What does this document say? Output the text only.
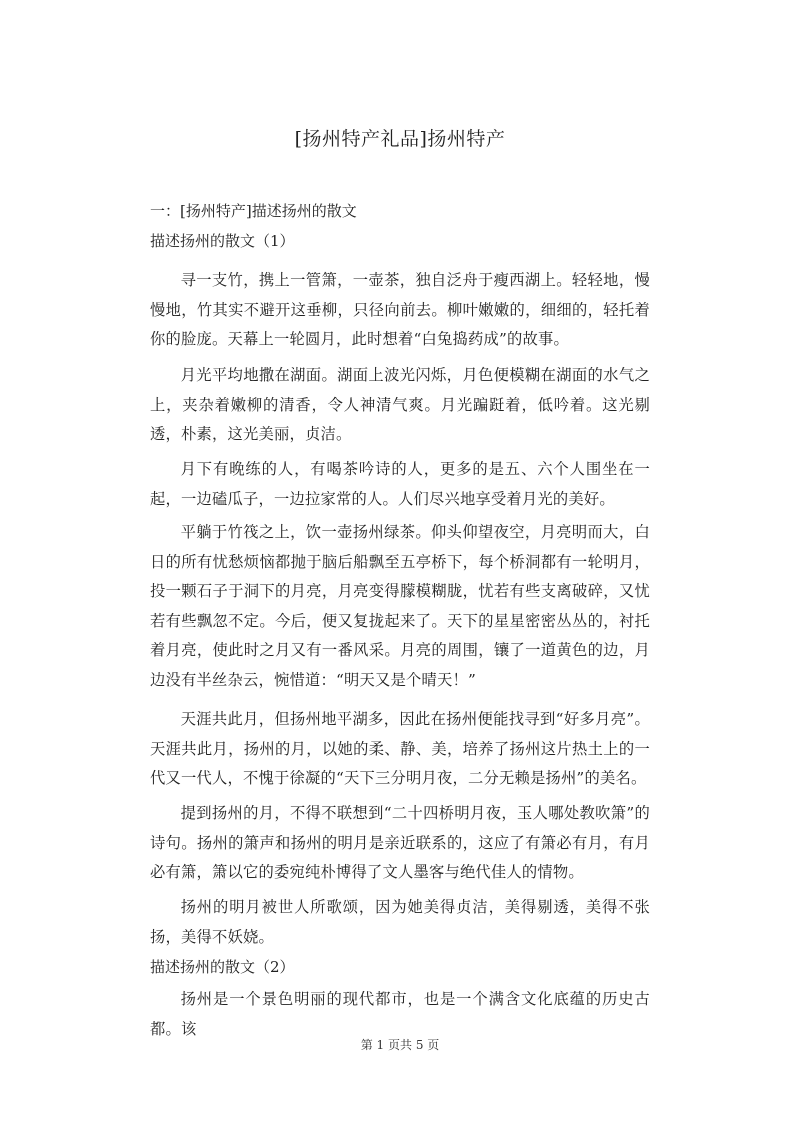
[扬州特产礼品]扬州特产

一：[扬州特产]描述扬州的散文

描述扬州的散文（1）

寻一支竹，携上一管箫，一壶茶，独自泛舟于瘦西湖上。轻轻地，慢慢地，竹其实不避开这垂柳，只径向前去。柳叶嫩嫩的，细细的，轻托着你的脸庞。天幕上一轮圆月，此时想着“白兔捣药成”的故事。

月光平均地撒在湖面。湖面上波光闪烁，月色便模糊在湖面的水气之上，夹杂着嫩柳的清香，令人神清气爽。月光蹁跹着，低吟着。这光剔透，朴素，这光美丽，贞洁。

月下有晚练的人，有喝茶吟诗的人，更多的是五、六个人围坐在一起，一边磕瓜子，一边拉家常的人。人们尽兴地享受着月光的美好。

平躺于竹筏之上，饮一壶扬州绿茶。仰头仰望夜空，月亮明而大，白日的所有忧愁烦恼都抛于脑后船飘至五亭桥下，每个桥洞都有一轮明月，投一颗石子于洞下的月亮，月亮变得朦模糊胧，忧若有些支离破碎，又忧若有些飘忽不定。今后，便又复拢起来了。天下的星星密密丛丛的，衬托着月亮，使此时之月又有一番风采。月亮的周围，镶了一道黄色的边，月边没有半丝杂云，惋惜道：“明天又是个晴天！”

天涯共此月，但扬州地平湖多，因此在扬州便能找寻到“好多月亮”。天涯共此月，扬州的月，以她的柔、静、美，培养了扬州这片热土上的一代又一代人，不愧于徐凝的“天下三分明月夜，二分无赖是扬州”的美名。

提到扬州的月，不得不联想到“二十四桥明月夜，玉人哪处教吹箫”的诗句。扬州的箫声和扬州的明月是亲近联系的，这应了有箫必有月，有月必有箫，箫以它的委宛纯朴博得了文人墨客与绝代佳人的情物。

扬州的明月被世人所歌颂，因为她美得贞洁，美得剔透，美得不张扬，美得不妖娆。

描述扬州的散文（2）

扬州是一个景色明丽的现代都市，也是一个满含文化底蕴的历史古都。该

第 1 页共 5 页
